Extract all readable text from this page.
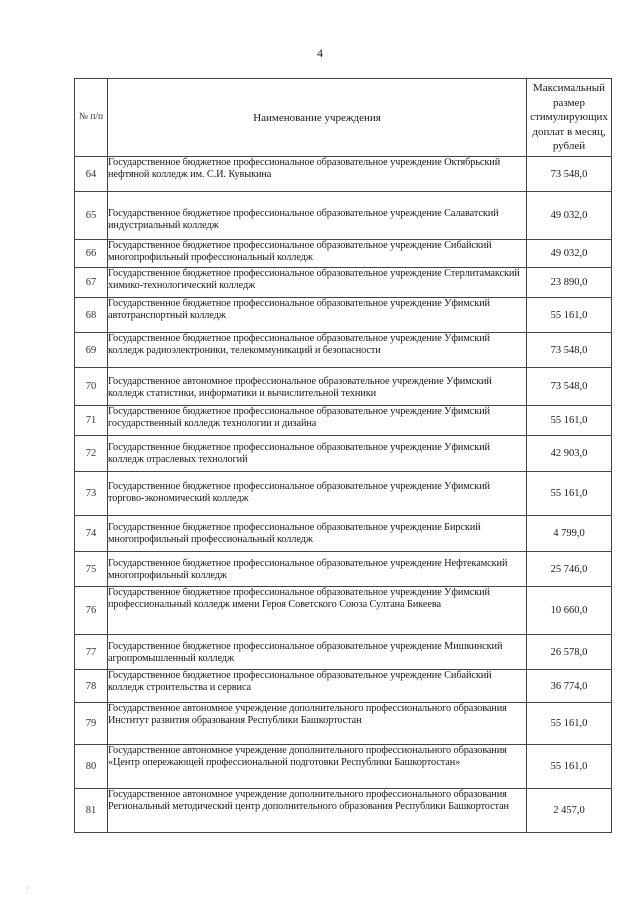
4
№ п/п	Наименование учреждения	Максимальный размер стимулирующих доплат в месяц, рублей
64	Государственное бюджетное профессиональное образовательное учреждение Октябрьский нефтяной колледж им. С.И. Кувыкина	73 548,0
65	Государственное бюджетное профессиональное образовательное учреждение Салаватский индустриальный колледж	49 032,0
66	Государственное бюджетное профессиональное образовательное учреждение Сибайский многопрофильный профессиональный колледж	49 032,0
67	Государственное бюджетное профессиональное образовательное учреждение Стерлитамакский химико-технологический колледж	23 890,0
68	Государственное бюджетное профессиональное образовательное учреждение Уфимский автотранспортный колледж	55 161,0
69	Государственное бюджетное профессиональное образовательное учреждение Уфимский колледж радиоэлектроники, телекоммуникаций и безопасности	73 548,0
70	Государственное автономное профессиональное образовательное учреждение Уфимский колледж статистики, информатики и вычислительной техники	73 548,0
71	Государственное бюджетное профессиональное образовательное учреждение Уфимский государственный колледж технологии и дизайна	55 161,0
72	Государственное бюджетное профессиональное образовательное учреждение Уфимский колледж отраслевых технологий	42 903,0
73	Государственное бюджетное профессиональное образовательное учреждение Уфимский торгово-экономический колледж	55 161,0
74	Государственное бюджетное профессиональное образовательное учреждение Бирский многопрофильный профессиональный колледж	4 799,0
75	Государственное бюджетное профессиональное образовательное учреждение Нефтекамский многопрофильный колледж	25 746,0
76	Государственное бюджетное профессиональное образовательное учреждение Уфимский профессиональный колледж имени Героя Советского Союза Султана Бикеева	10 660,0
77	Государственное бюджетное профессиональное образовательное учреждение Мишкинский агропромышленный колледж	26 578,0
78	Государственное бюджетное профессиональное образовательное учреждение Сибайский колледж строительства и сервиса	36 774,0
79	Государственное автономное учреждение дополнительного профессионального образования Институт развития образования Республики Башкортостан	55 161,0
80	Государственное автономное учреждение дополнительного профессионального образования «Центр опережающей профессиональной подготовки Республики Башкортостан»	55 161,0
81	Государственное автономное учреждение дополнительного профессионального образования Региональный методический центр дополнительного образования Республики Башкортостан	2 457,0
·
